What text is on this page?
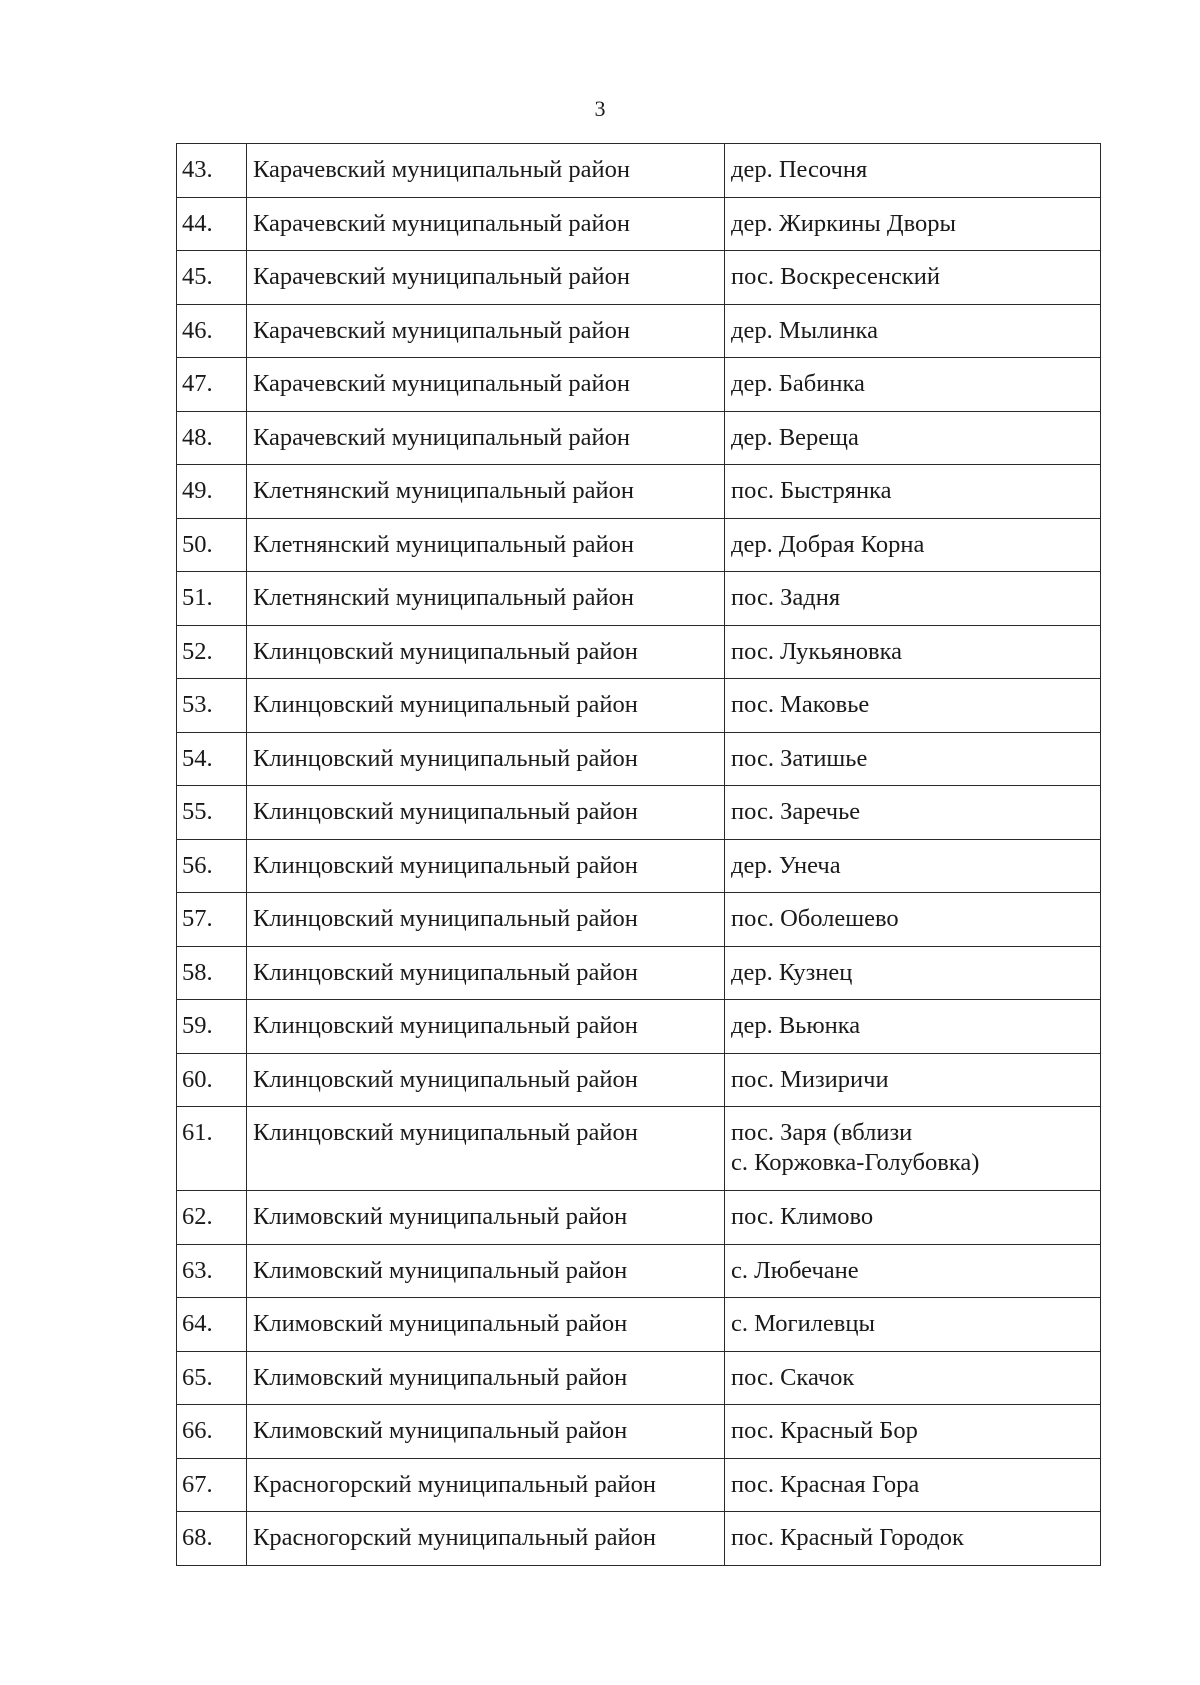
3
43.	Карачевский муниципальный район	дер. Песочня

44.	Карачевский муниципальный район	дер. Жиркины Дворы

45.	Карачевский муниципальный район	пос. Воскресенский

46.	Карачевский муниципальный район	дер. Мылинка

47.	Карачевский муниципальный район	дер. Бабинка

48.	Карачевский муниципальный район	дер. Вереща

49.	Клетнянский муниципальный район	пос. Быстрянка

50.	Клетнянский муниципальный район	дер. Добрая Корна

51.	Клетнянский муниципальный район	пос. Задня

52.	Клинцовский муниципальный район	пос. Лукьяновка

53.	Клинцовский муниципальный район	пос. Маковье

54.	Клинцовский муниципальный район	пос. Затишье

55.	Клинцовский муниципальный район	пос. Заречье

56.	Клинцовский муниципальный район	дер. Унеча

57.	Клинцовский муниципальный район	пос. Оболешево

58.	Клинцовский муниципальный район	дер. Кузнец

59.	Клинцовский муниципальный район	дер. Вьюнка

60.	Клинцовский муниципальный район	пос. Мизиричи

61.	Клинцовский муниципальный район	пос. Заря (вблизи
с. Коржовка-Голубовка)

62.	Климовский муниципальный район	пос. Климово

63.	Климовский муниципальный район	с. Любечане

64.	Климовский муниципальный район	с. Могилевцы

65.	Климовский муниципальный район	пос. Скачок

66.	Климовский муниципальный район	пос. Красный Бор

67.	Красногорский муниципальный район	пос. Красная Гора

68.	Красногорский муниципальный район	пос. Красный Городок
